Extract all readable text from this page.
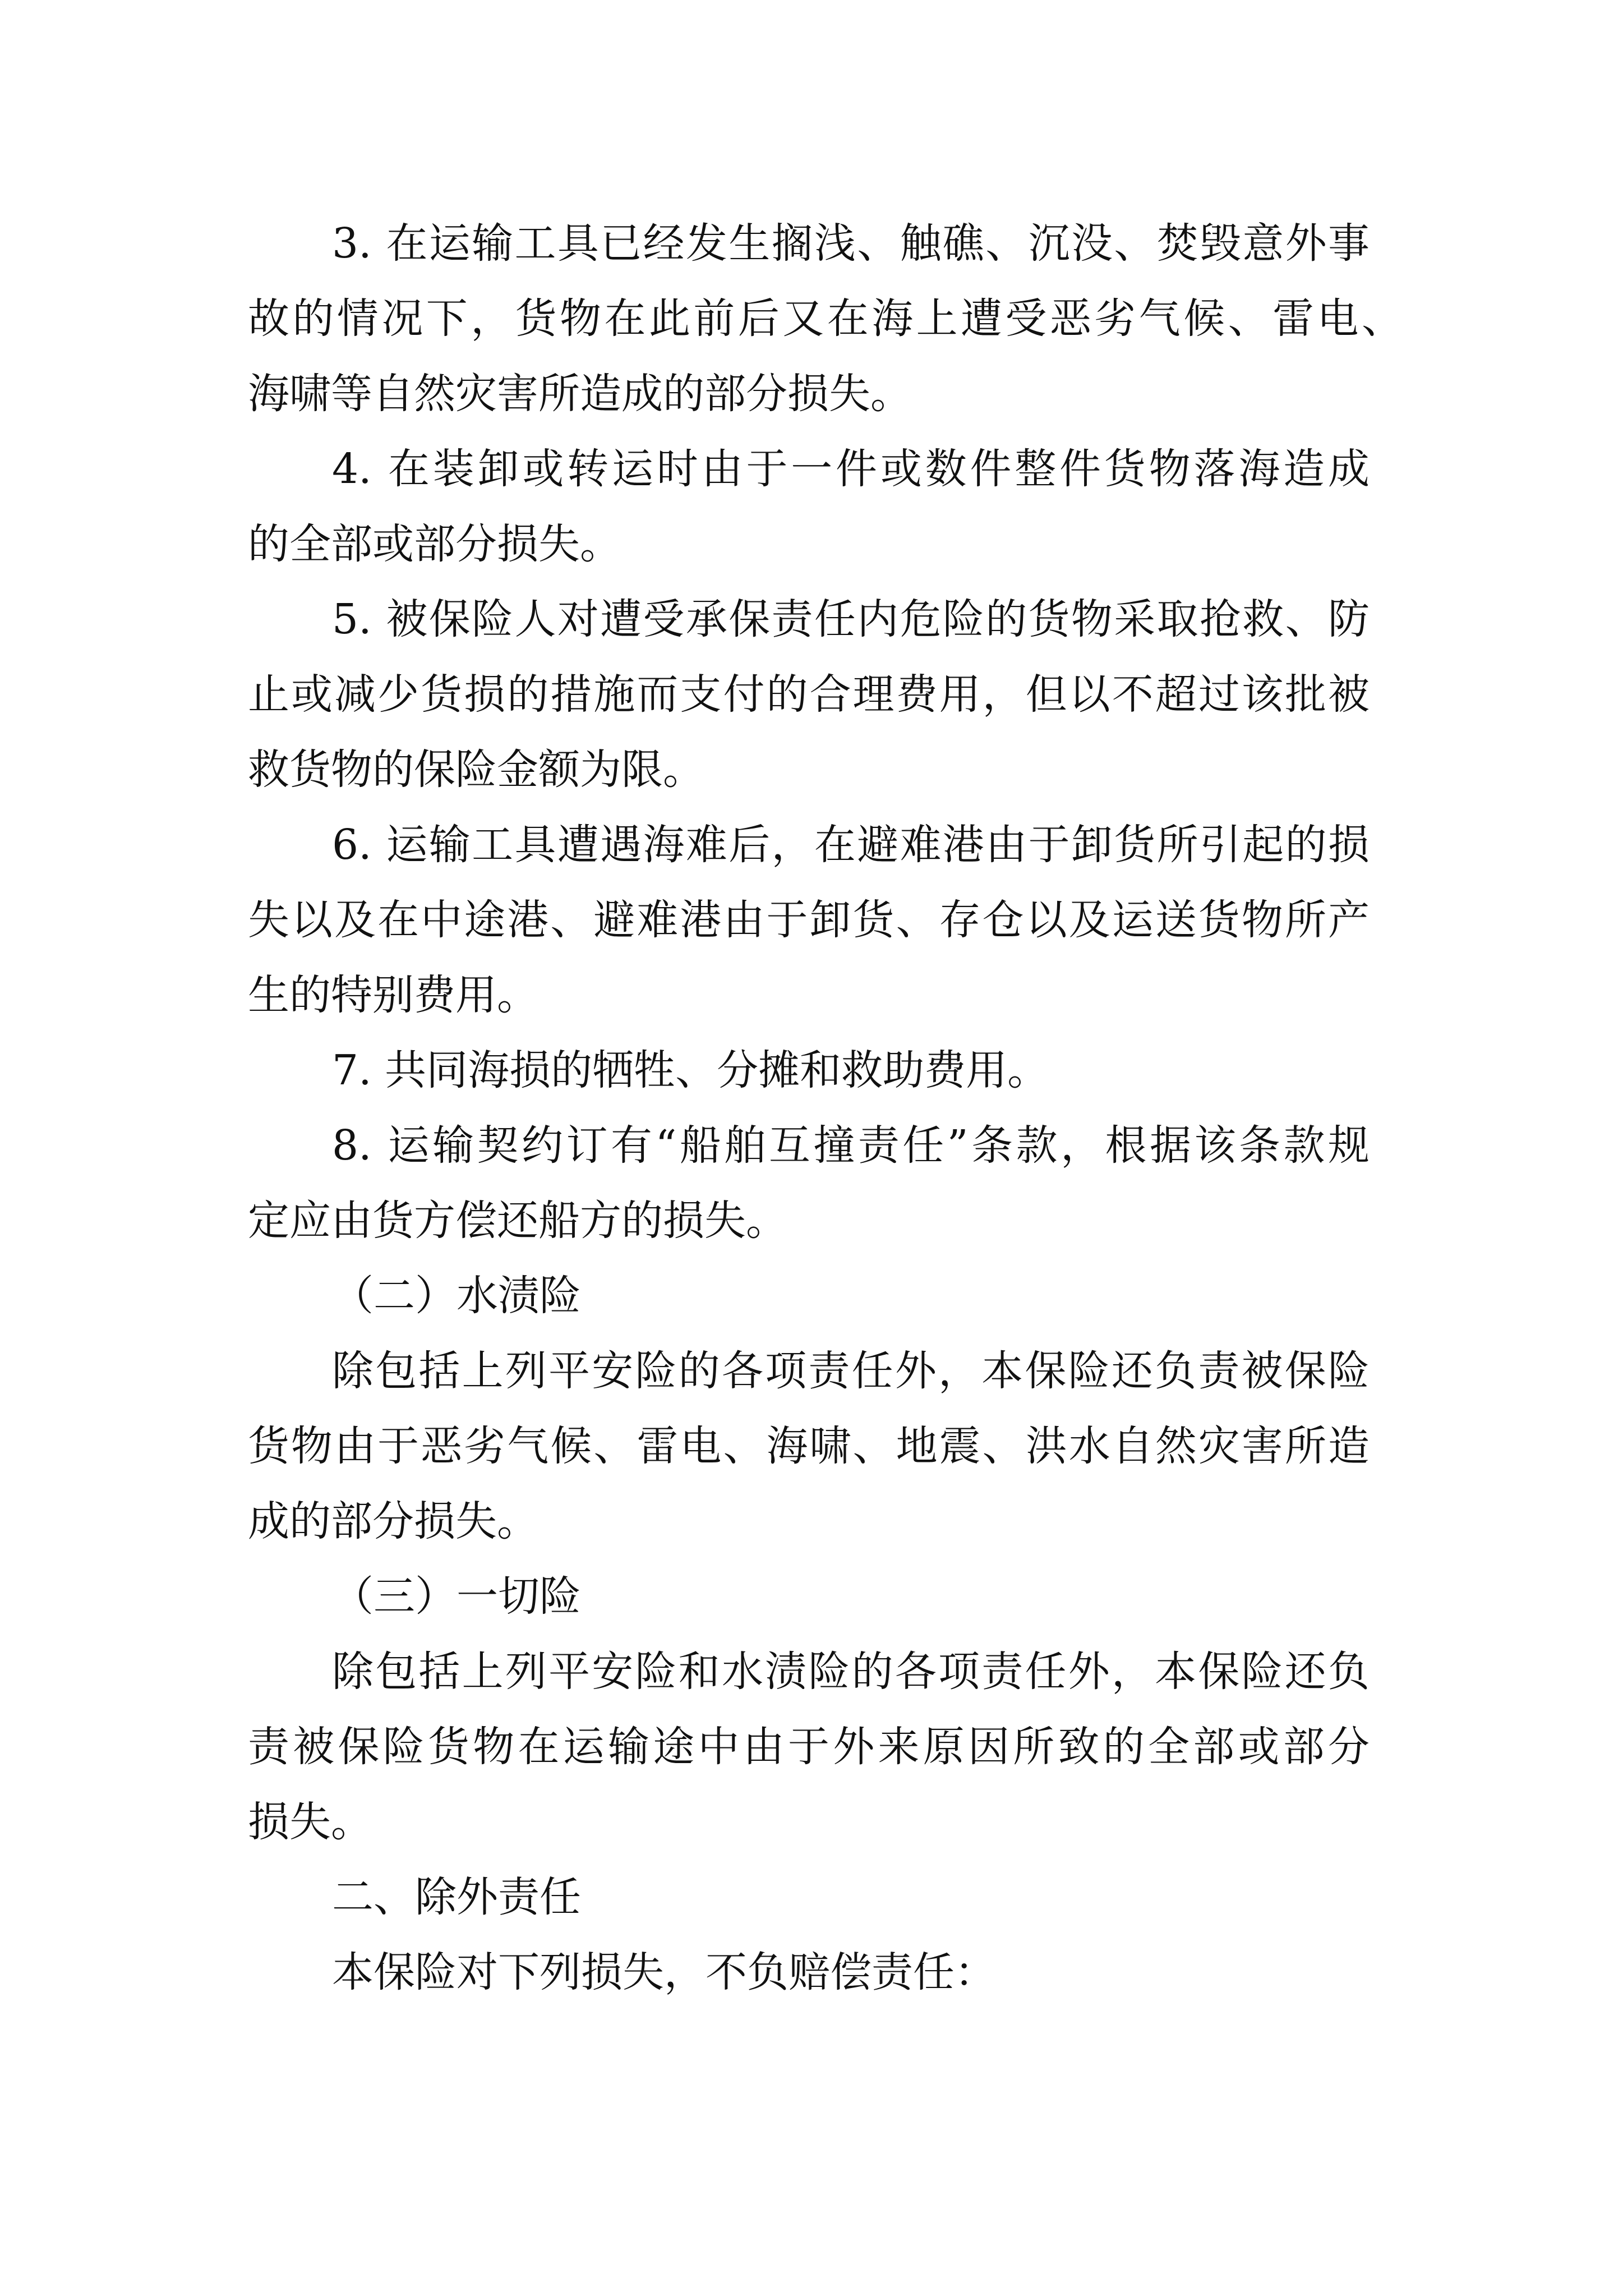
3. 在运输工具已经发生搁浅、触礁、沉没、焚毁意外事
故的情况下，货物在此前后又在海上遭受恶劣气候、雷电、
海啸等自然灾害所造成的部分损失。
4. 在装卸或转运时由于一件或数件整件货物落海造成
的全部或部分损失。
5. 被保险人对遭受承保责任内危险的货物采取抢救、防
止或减少货损的措施而支付的合理费用，但以不超过该批被
救货物的保险金额为限。
6. 运输工具遭遇海难后，在避难港由于卸货所引起的损
失以及在中途港、避难港由于卸货、存仓以及运送货物所产
生的特别费用。
7. 共同海损的牺牲、分摊和救助费用。
8. 运输契约订有“船舶互撞责任”条款，根据该条款规
定应由货方偿还船方的损失。
（二）水渍险
除包括上列平安险的各项责任外，本保险还负责被保险
货物由于恶劣气候、雷电、海啸、地震、洪水自然灾害所造
成的部分损失。
（三）一切险
除包括上列平安险和水渍险的各项责任外，本保险还负
责被保险货物在运输途中由于外来原因所致的全部或部分
损失。
二、除外责任
本保险对下列损失，不负赔偿责任：
